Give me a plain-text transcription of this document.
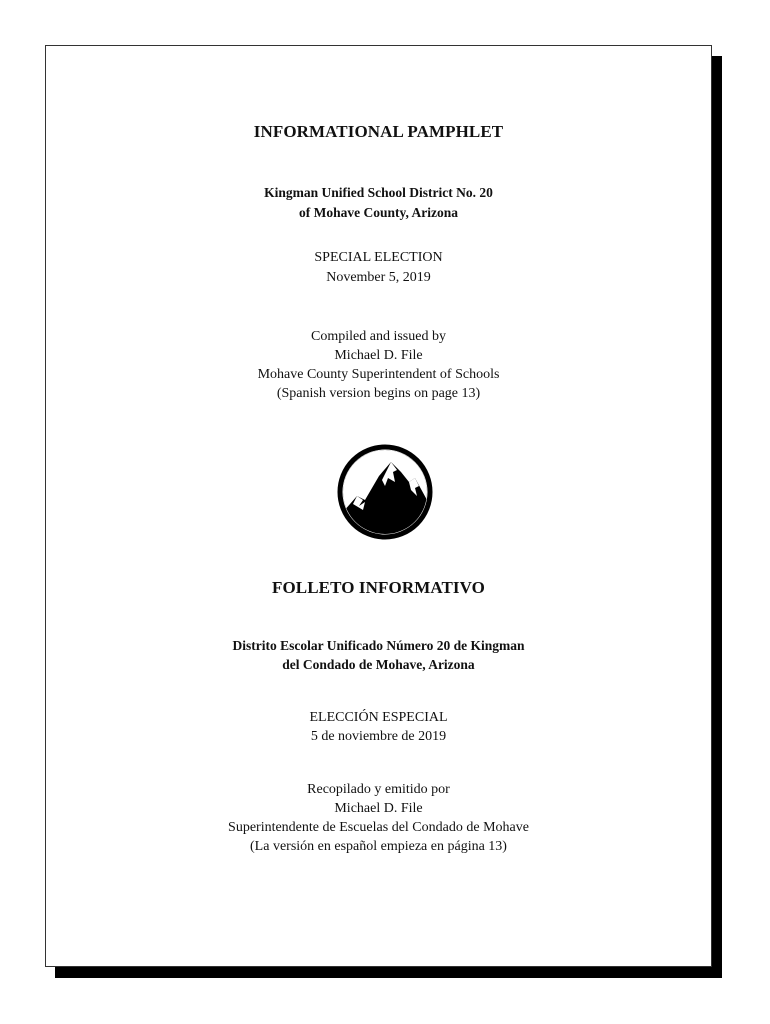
INFORMATIONAL PAMPHLET
Kingman Unified School District No. 20
of Mohave County, Arizona
SPECIAL ELECTION
November 5, 2019
Compiled and issued by
Michael D. File
Mohave County Superintendent of Schools
(Spanish version begins on page 13)
FOLLETO INFORMATIVO
Distrito Escolar Unificado Número 20 de Kingman
del Condado de Mohave, Arizona
ELECCIÓN ESPECIAL
5 de noviembre de 2019
Recopilado y emitido por
Michael D. File
Superintendente de Escuelas del Condado de Mohave
(La versión en español empieza en página 13)
